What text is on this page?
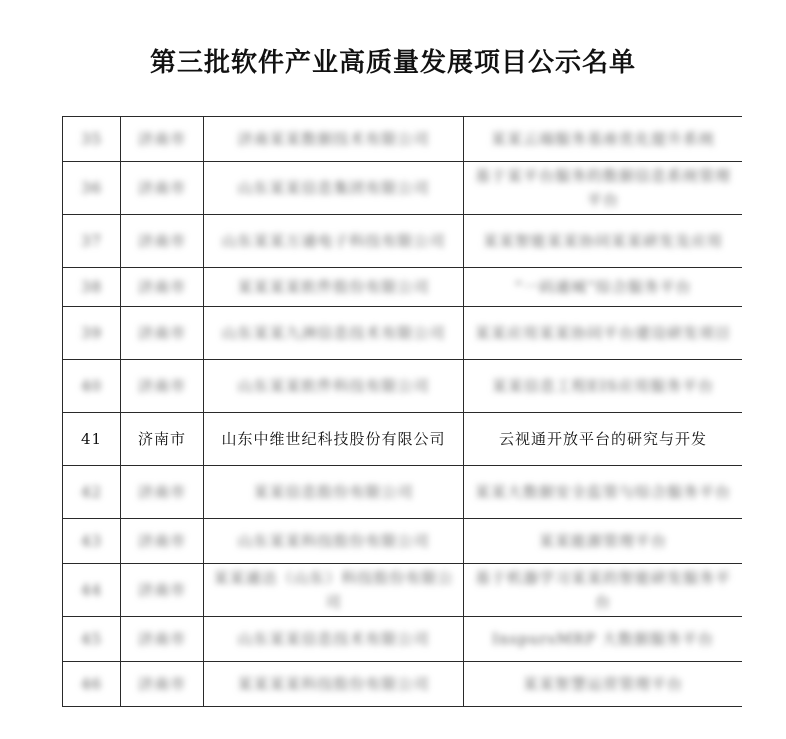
第三批软件产业高质量发展项目公示名单
35	济南市	济南某某数据技术有限公司	某某云端服务基座优化提升系统
36	济南市	山东某某信息集团有限公司	基于某平台服务的数据信息系统管理平台
37	济南市	山东某某万通电子科技有限公司	某某智能某某协同某某研发及应用
38	济南市	某某某某软件股份有限公司	“一码通城”综合服务平台
39	济南市	山东某某九洲信息技术有限公司	某某应用某某协同平台建设研发项目
40	济南市	山东某某软件科技有限公司	某某信息工程EIS应用服务平台
41	济南市	山东中维世纪科技股份有限公司	云视通开放平台的研究与开发
42	济南市	某某信息股份有限公司	某某大数据安全监管与综合服务平台
43	济南市	山东某某科技股份有限公司	某某能源管理平台
44	济南市	某某通达（山东）科技股份有限公司	基于机器学习某某的智能研发服务平台
45	济南市	山东某某信息技术有限公司	InspursMRP 大数据服务平台
46	济南市	某某某某科技股份有限公司	某某智慧运营管理平台
